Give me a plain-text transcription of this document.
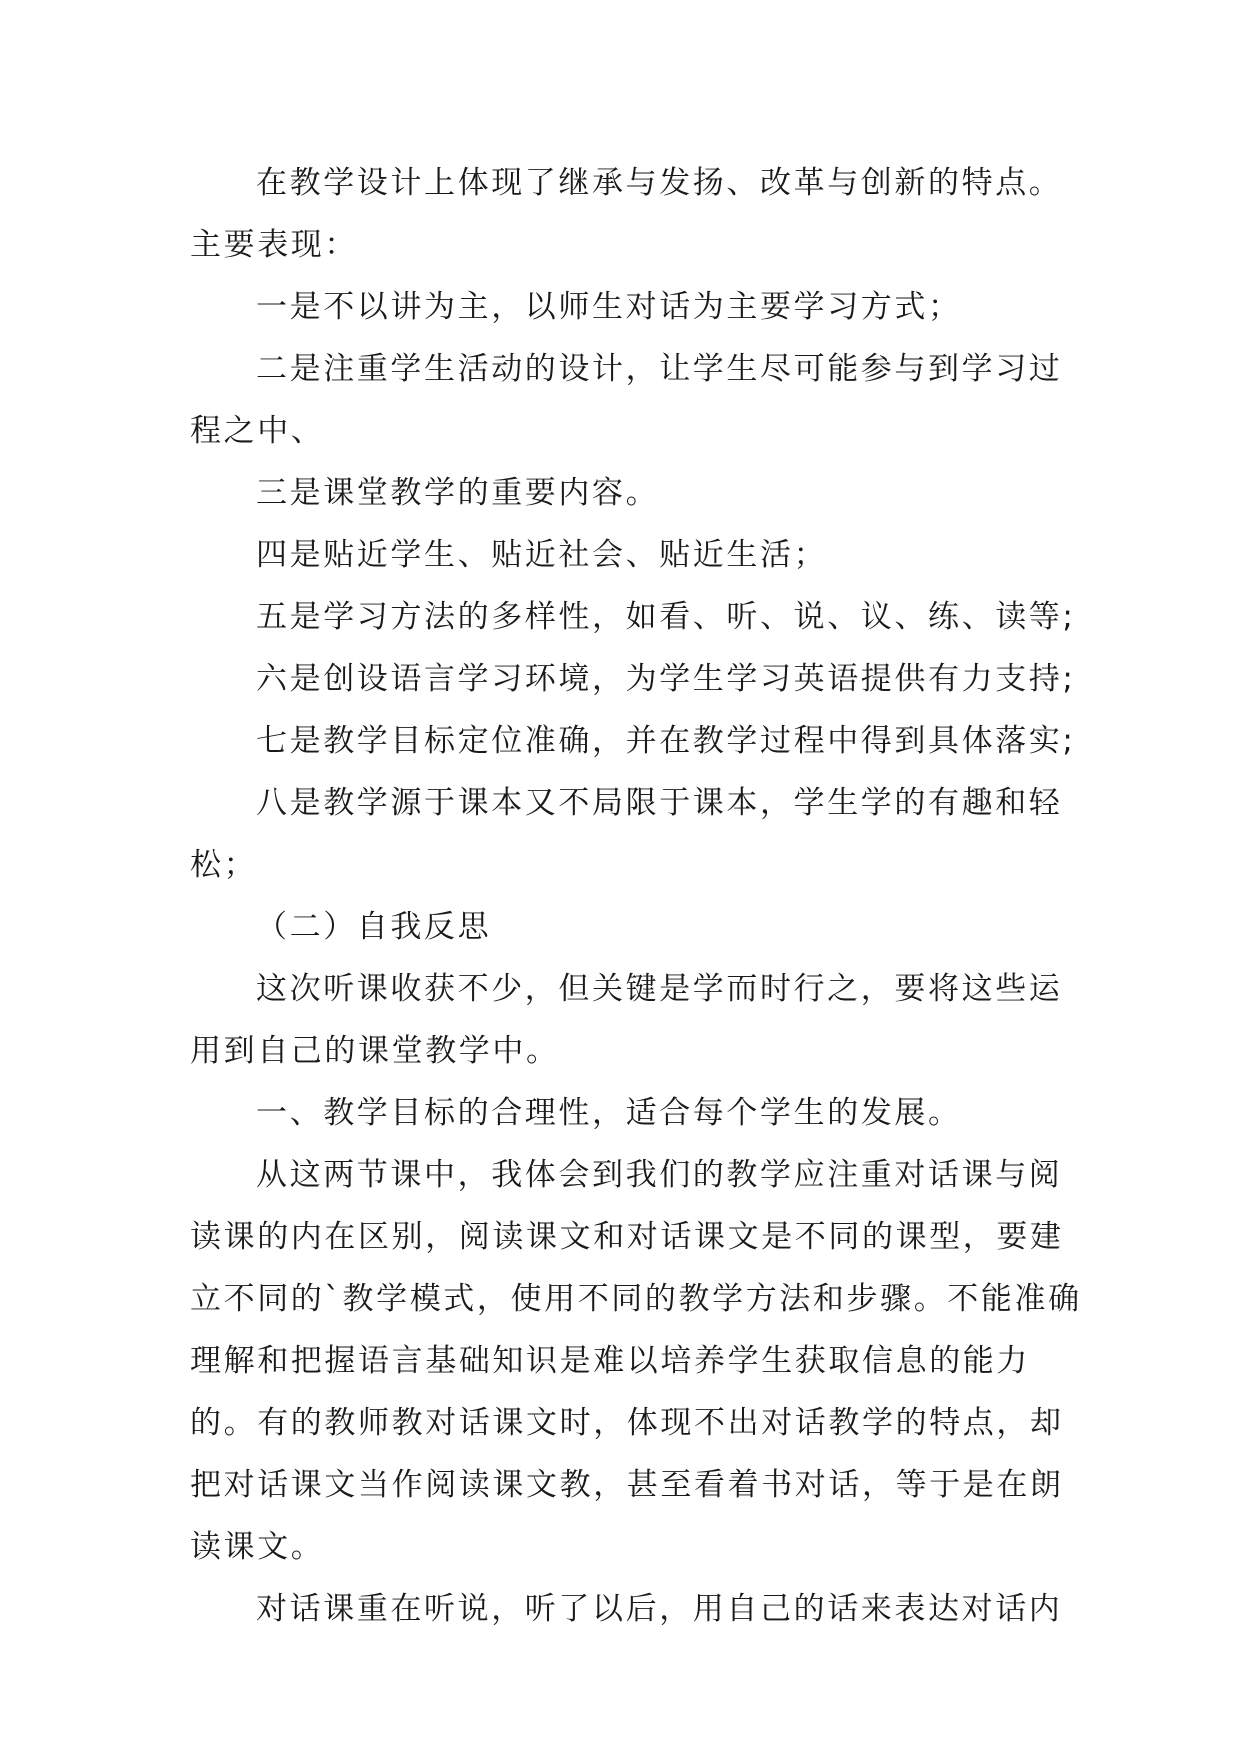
在教学设计上体现了继承与发扬、改革与创新的特点。主要表现：

一是不以讲为主，以师生对话为主要学习方式；

二是注重学生活动的设计，让学生尽可能参与到学习过程之中、

三是课堂教学的重要内容。

四是贴近学生、贴近社会、贴近生活；

五是学习方法的多样性，如看、听、说、议、练、读等;

六是创设语言学习环境，为学生学习英语提供有力支持;

七是教学目标定位准确，并在教学过程中得到具体落实;

八是教学源于课本又不局限于课本，学生学的有趣和轻松；

（二）自我反思

这次听课收获不少，但关键是学而时行之，要将这些运用到自己的课堂教学中。

一、教学目标的合理性，适合每个学生的发展。

从这两节课中，我体会到我们的教学应注重对话课与阅读课的内在区别，阅读课文和对话课文是不同的课型，要建立不同的`教学模式，使用不同的教学方法和步骤。不能准确理解和把握语言基础知识是难以培养学生获取信息的能力的。有的教师教对话课文时，体现不出对话教学的特点，却把对话课文当作阅读课文教，甚至看着书对话，等于是在朗读课文。

对话课重在听说，听了以后，用自己的话来表达对话内
